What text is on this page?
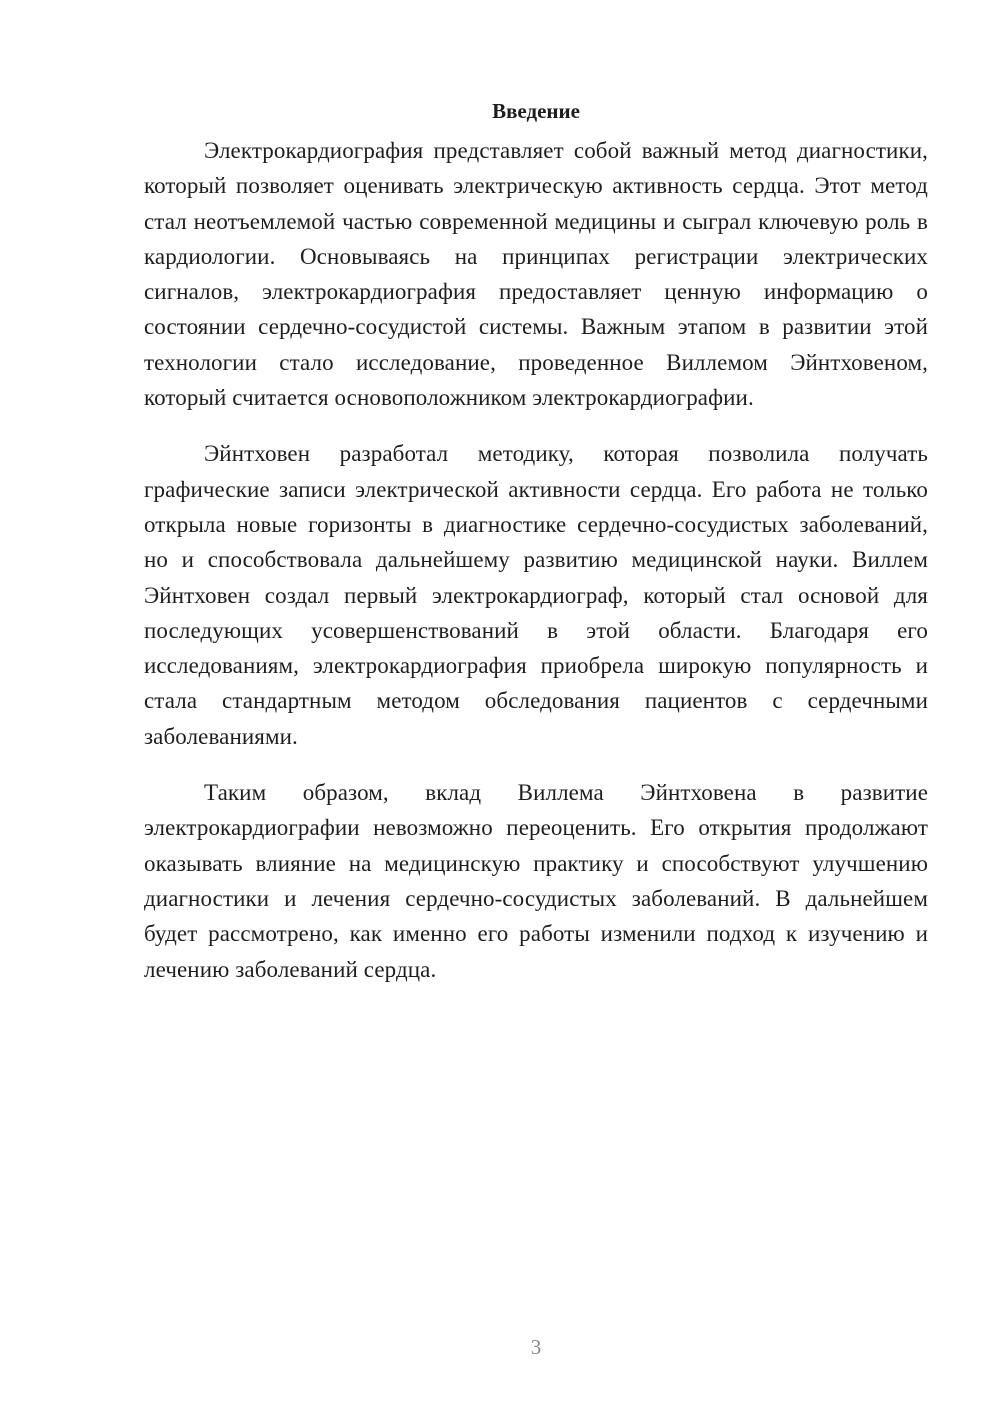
Введение

Электрокардиография представляет собой важный метод диагностики, который позволяет оценивать электрическую активность сердца. Этот метод стал неотъемлемой частью современной медицины и сыграл ключевую роль в кардиологии. Основываясь на принципах регистрации электрических сигналов, электрокардиография предоставляет ценную информацию о состоянии сердечно-сосудистой системы. Важным этапом в развитии этой технологии стало исследование, проведенное Виллемом Эйнтховеном, который считается основоположником электрокардиографии.

Эйнтховен разработал методику, которая позволила получать графические записи электрической активности сердца. Его работа не только открыла новые горизонты в диагностике сердечно-сосудистых заболеваний, но и способствовала дальнейшему развитию медицинской науки. Виллем Эйнтховен создал первый электрокардиограф, который стал основой для последующих усовершенствований в этой области. Благодаря его исследованиям, электрокардиография приобрела широкую популярность и стала стандартным методом обследования пациентов с сердечными заболеваниями.

Таким образом, вклад Виллема Эйнтховена в развитие электрокардиографии невозможно переоценить. Его открытия продолжают оказывать влияние на медицинскую практику и способствуют улучшению диагностики и лечения сердечно-сосудистых заболеваний. В дальнейшем будет рассмотрено, как именно его работы изменили подход к изучению и лечению заболеваний сердца.

3
